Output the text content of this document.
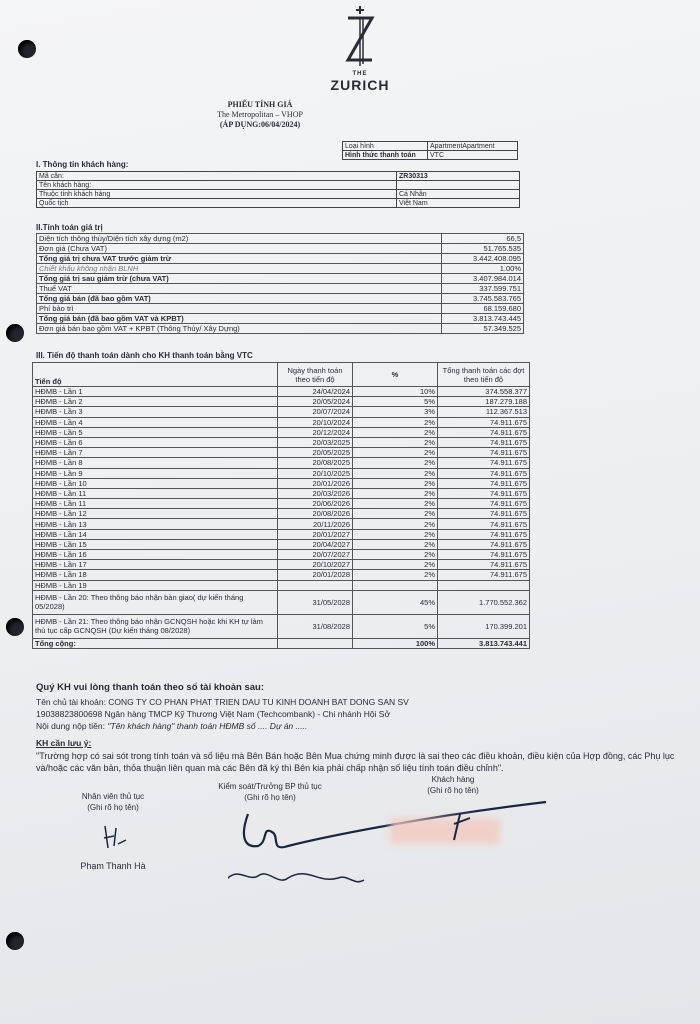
THE
ZURICH
PHIẾU TÍNH GIÁ
The Metropolitan – VHOP
(ÁP DỤNG:06/04/2024)
Loại hình	ApartmentApartment
Hình thức thanh toán	VTC
I. Thông tin khách hàng:
Mã căn:	ZR30313
Tên khách hàng:	
Thuộc tính khách hàng	Cá Nhân
Quốc tịch	Việt Nam
II.Tính toán giá trị
Diện tích thông thủy/Diện tích xây dựng (m2)	66,5
Đơn giá (Chưa VAT)	51.765.535
Tổng giá trị chưa VAT trước giảm trừ	3.442.408.095
Chiết khấu không nhận BLNH	1.00%
Tổng giá trị sau giảm trừ (chưa VAT)	3.407.984.014
Thuế VAT	337.599.751
Tổng giá bán (đã bao gồm VAT)	3.745.583.765
Phí bảo trì	68.159.680
Tổng giá bán (đã bao gồm VAT và KPBT)	3.813.743.445
Đơn giá bán bao gồm VAT + KPBT (Thông Thủy/ Xây Dựng)	57.349.525
III. Tiến độ thanh toán dành cho KH thanh toán bằng VTC
Tiến độ	Ngày thanh toán theo tiến độ	%	Tổng thanh toán các đợt theo tiến độ
HĐMB - Lần 1	24/04/2024	10%	374.558.377
HĐMB - Lần 2	20/05/2024	5%	187.279.188
HĐMB - Lần 3	20/07/2024	3%	112.367.513
HĐMB - Lần 4	20/10/2024	2%	74.911.675
HĐMB - Lần 5	20/12/2024	2%	74.911.675
HĐMB - Lần 6	20/03/2025	2%	74.911.675
HĐMB - Lần 7	20/05/2025	2%	74.911.675
HĐMB - Lần 8	20/08/2025	2%	74.911.675
HĐMB - Lần 9	20/10/2025	2%	74.911.675
HĐMB - Lần 10	20/01/2026	2%	74.911.675
HĐMB - Lần 11	20/03/2026	2%	74.911.675
HĐMB - Lần 11	20/06/2026	2%	74.911.675
HĐMB - Lần 12	20/08/2026	2%	74.911.675
HĐMB - Lần 13	20/11/2026	2%	74.911.675
HĐMB - Lần 14	20/01/2027	2%	74.911.675
HĐMB - Lần 15	20/04/2027	2%	74.911.675
HĐMB - Lần 16	20/07/2027	2%	74.911.675
HĐMB - Lần 17	20/10/2027	2%	74.911.675
HĐMB - Lần 18	20/01/2028	2%	74.911.675
HĐMB - Lần 19			
HĐMB - Lần 20: Theo thông báo nhận bàn giao( dự kiến tháng 05/2028)	31/05/2028	45%	1.770.552.362
HĐMB - Lần 21: Theo thông báo nhận GCNQSH hoặc khi KH tự làm thủ tục cấp GCNQSH (Dự kiến tháng 08/2028)	31/08/2028	5%	170.399.201
Tổng cộng:		100%	3.813.743.441
Quý KH vui lòng thanh toán theo số tài khoản sau:
Tên chủ tài khoản: CONG TY CO PHAN PHAT TRIEN DAU TU KINH DOANH BAT DONG SAN SV
19038823800698 Ngân hàng TMCP Kỹ Thương Việt Nam (Techcombank) - Chi nhánh Hội Sở
Nội dung nộp tiền: "Tên khách hàng" thanh toán HĐMB số .... Dự án .....
KH cần lưu ý:
"Trường hợp có sai sót trong tính toán và số liệu mà Bên Bán hoặc Bên Mua chứng minh được là sai theo các điều khoản, điều kiện của Hợp đồng, các Phụ lục và/hoặc các văn bản, thỏa thuận liên quan mà các Bên đã ký thì Bên kia phải chấp nhận số liệu tính toán điều chỉnh".
Nhân viên thủ tục
(Ghi rõ họ tên)
Phạm Thanh Hà
Kiểm soát/Trưởng BP thủ tục
(Ghi rõ họ tên)
Khách hàng
(Ghi rõ họ tên)
